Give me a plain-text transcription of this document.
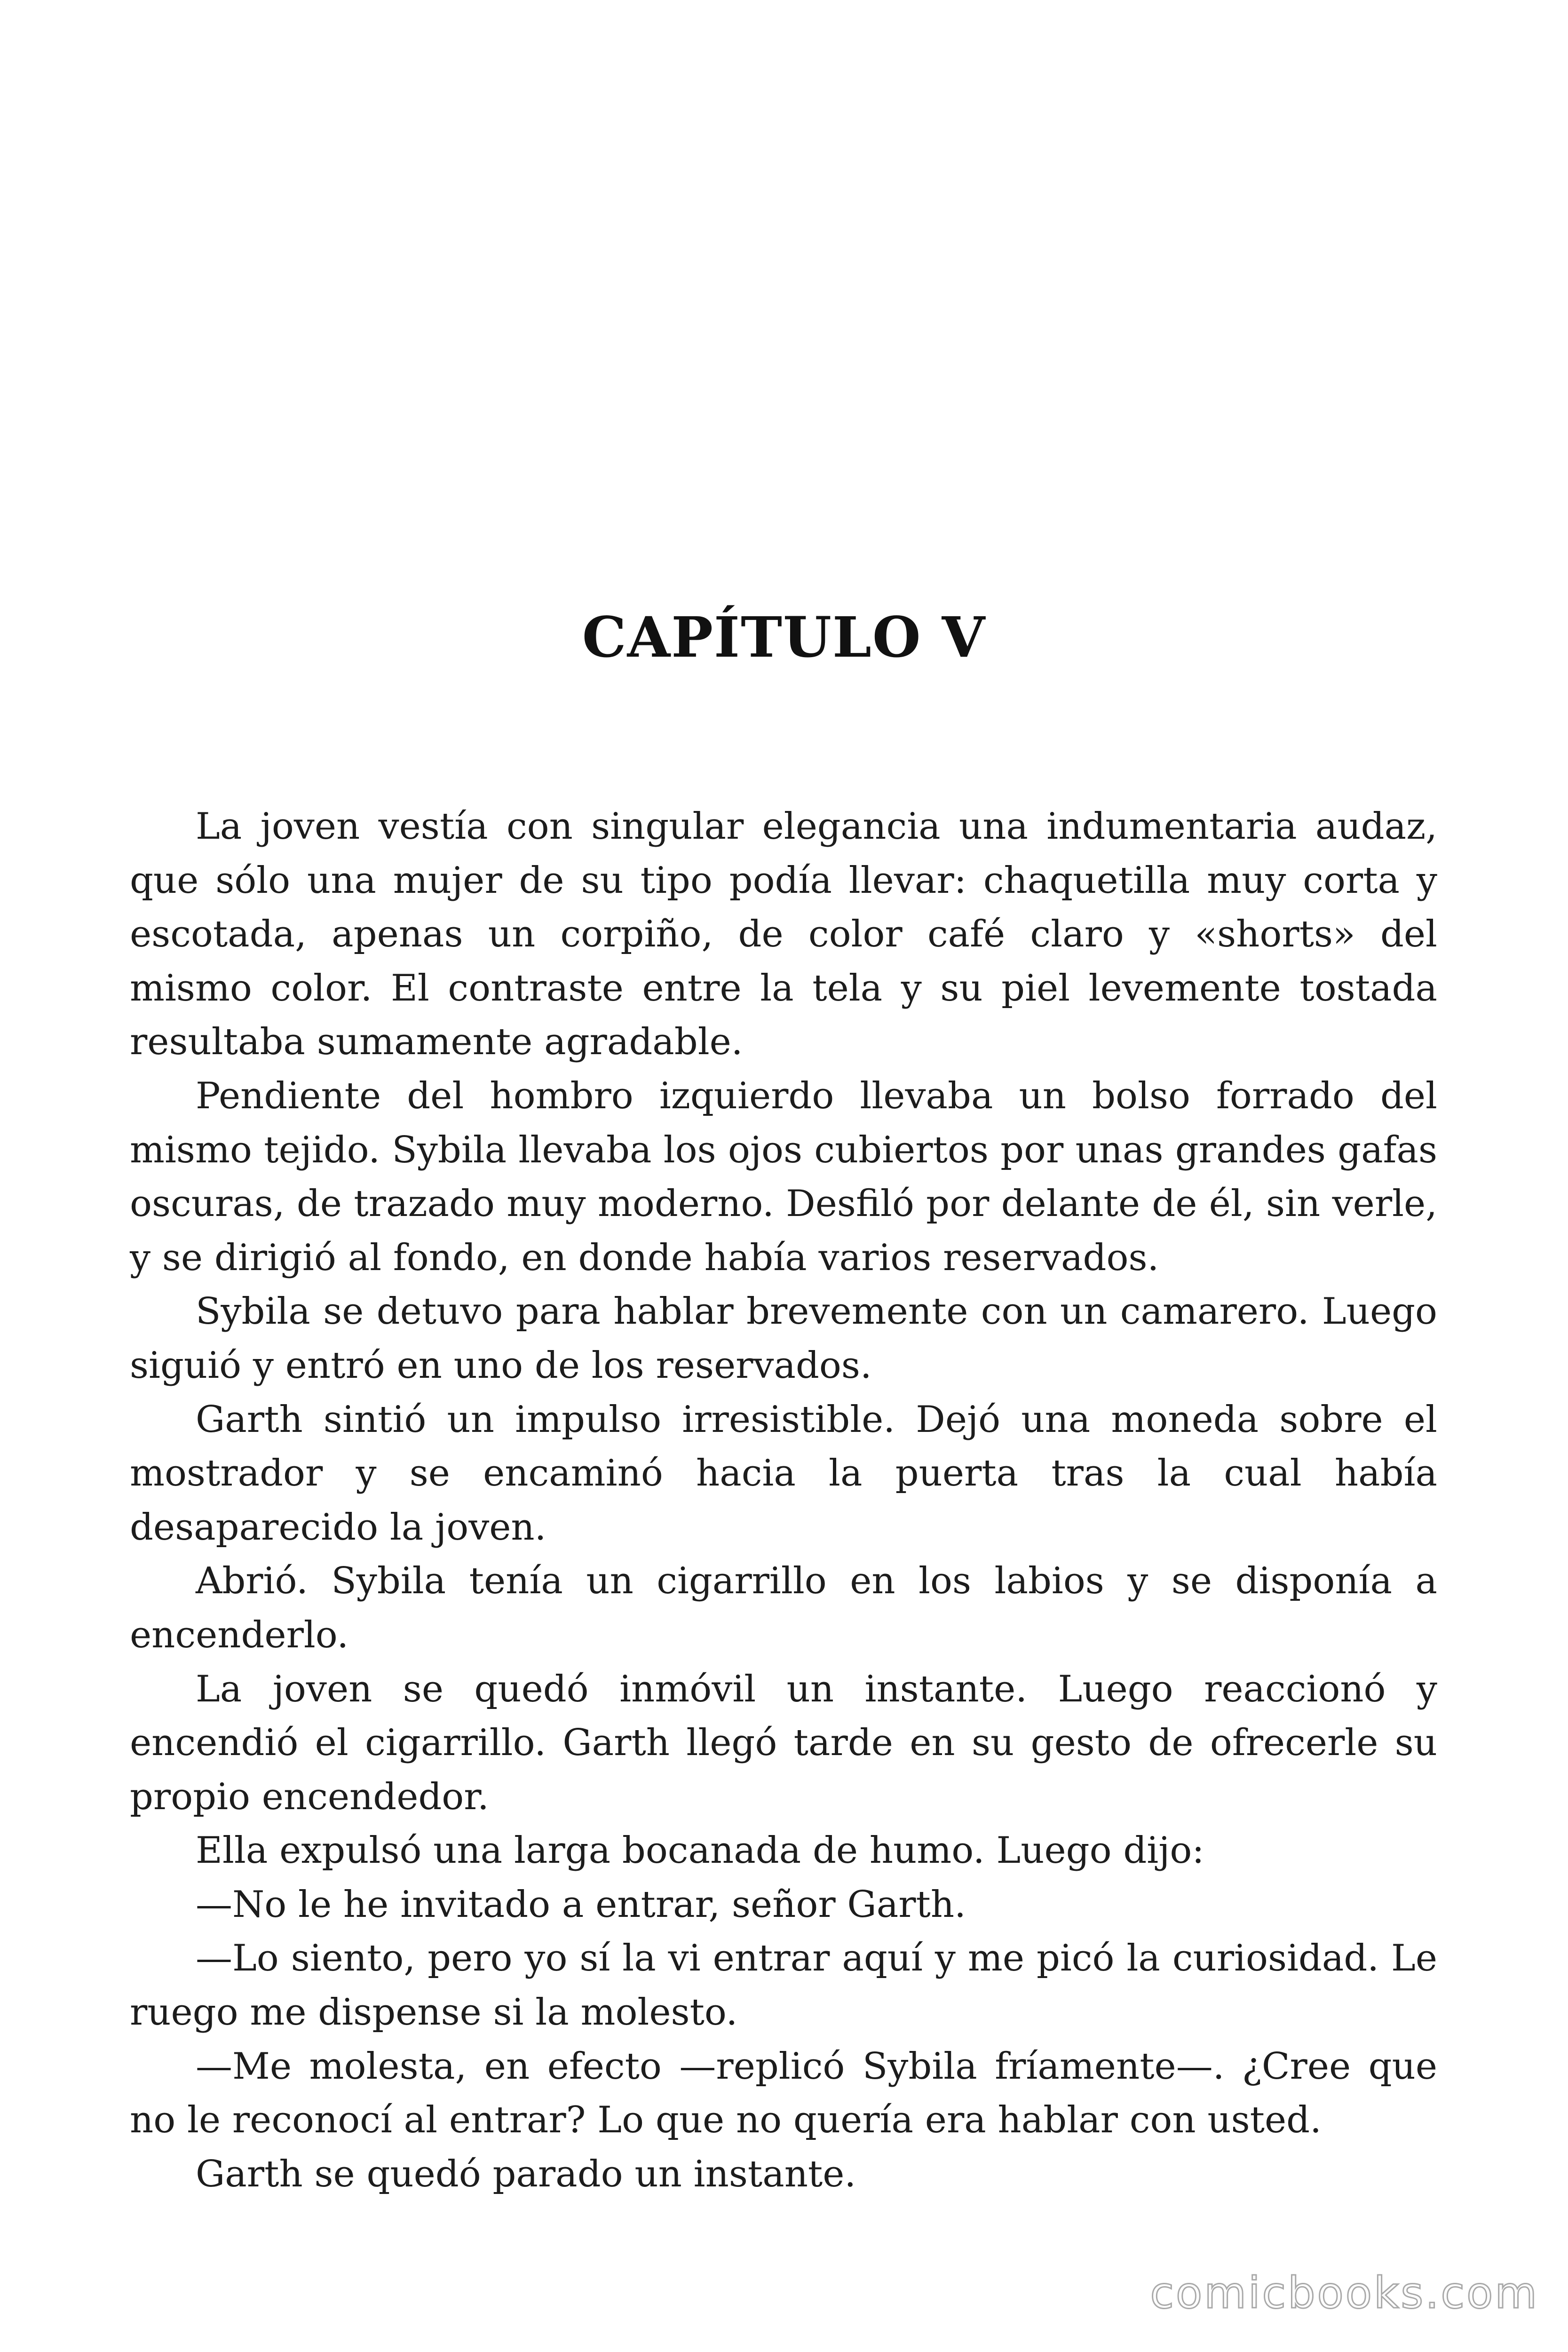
CAPÍTULO V

La joven vestía con singular elegancia una indumentaria audaz, que sólo una mujer de su tipo podía llevar: chaquetilla muy corta y escotada, apenas un corpiño, de color café claro y «shorts» del mismo color. El contraste entre la tela y su piel levemente tostada resultaba sumamente agradable.

Pendiente del hombro izquierdo llevaba un bolso forrado del mismo tejido. Sybila llevaba los ojos cubiertos por unas grandes gafas oscuras, de trazado muy moderno. Desfiló por delante de él, sin verle, y se dirigió al fondo, en donde había varios reservados.

Sybila se detuvo para hablar brevemente con un camarero. Luego siguió y entró en uno de los reservados.

Garth sintió un impulso irresistible. Dejó una moneda sobre el mostrador y se encaminó hacia la puerta tras la cual había desaparecido la joven.

Abrió. Sybila tenía un cigarrillo en los labios y se disponía a encenderlo.

La joven se quedó inmóvil un instante. Luego reaccionó y encendió el cigarrillo. Garth llegó tarde en su gesto de ofrecerle su propio encendedor.

Ella expulsó una larga bocanada de humo. Luego dijo:

—No le he invitado a entrar, señor Garth.

—Lo siento, pero yo sí la vi entrar aquí y me picó la curiosidad. Le ruego me dispense si la molesto.

—Me molesta, en efecto —replicó Sybila fríamente—. ¿Cree que no le reconocí al entrar? Lo que no quería era hablar con usted.

Garth se quedó parado un instante.

comicbooks.com
